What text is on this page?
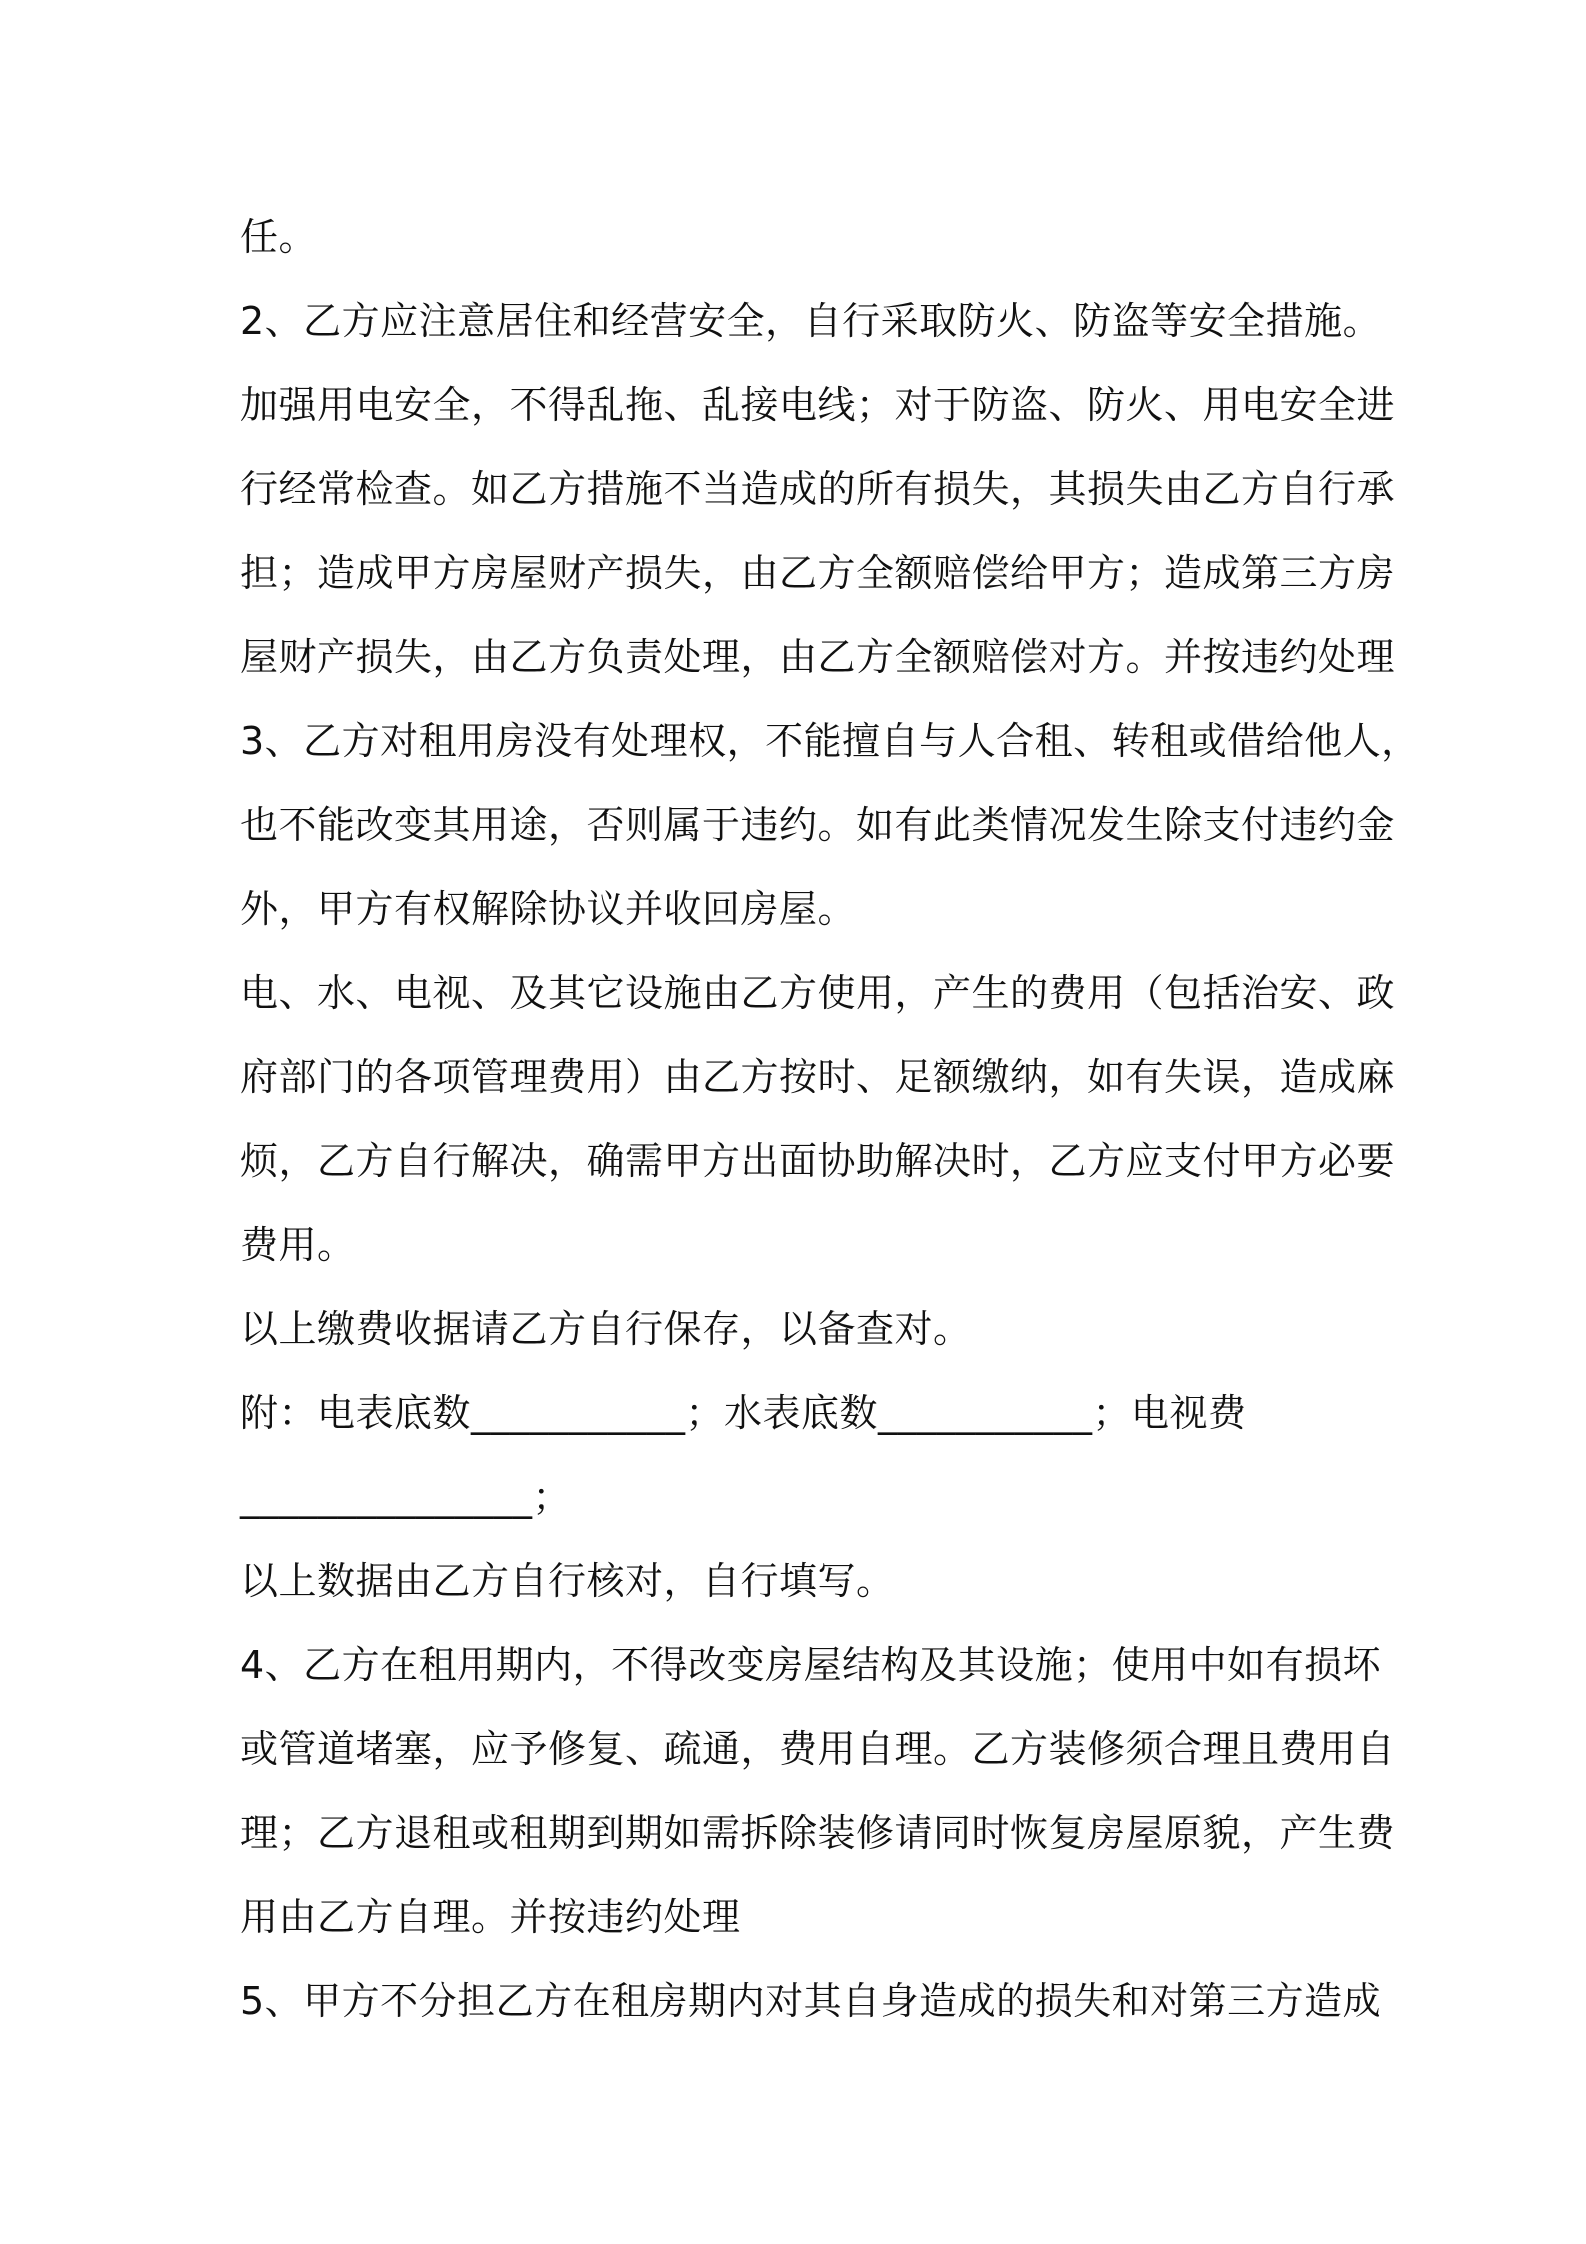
任。
2、乙方应注意居住和经营安全，自行采取防火、防盗等安全措施。
加强用电安全，不得乱拖、乱接电线；对于防盗、防火、用电安全进
行经常检查。如乙方措施不当造成的所有损失，其损失由乙方自行承
担；造成甲方房屋财产损失，由乙方全额赔偿给甲方；造成第三方房
屋财产损失，由乙方负责处理，由乙方全额赔偿对方。并按违约处理
3、乙方对租用房没有处理权，不能擅自与人合租、转租或借给他人，
也不能改变其用途，否则属于违约。如有此类情况发生除支付违约金
外，甲方有权解除协议并收回房屋。
电、水、电视、及其它设施由乙方使用，产生的费用（包括治安、政
府部门的各项管理费用）由乙方按时、足额缴纳，如有失误，造成麻
烦，乙方自行解决，确需甲方出面协助解决时，乙方应支付甲方必要
费用。
以上缴费收据请乙方自行保存，以备查对。
附：电表底数___________；水表底数___________；电视费
_______________；
以上数据由乙方自行核对，自行填写。
4、乙方在租用期内，不得改变房屋结构及其设施；使用中如有损坏
或管道堵塞，应予修复、疏通，费用自理。乙方装修须合理且费用自
理；乙方退租或租期到期如需拆除装修请同时恢复房屋原貌，产生费
用由乙方自理。并按违约处理
5、甲方不分担乙方在租房期内对其自身造成的损失和对第三方造成
